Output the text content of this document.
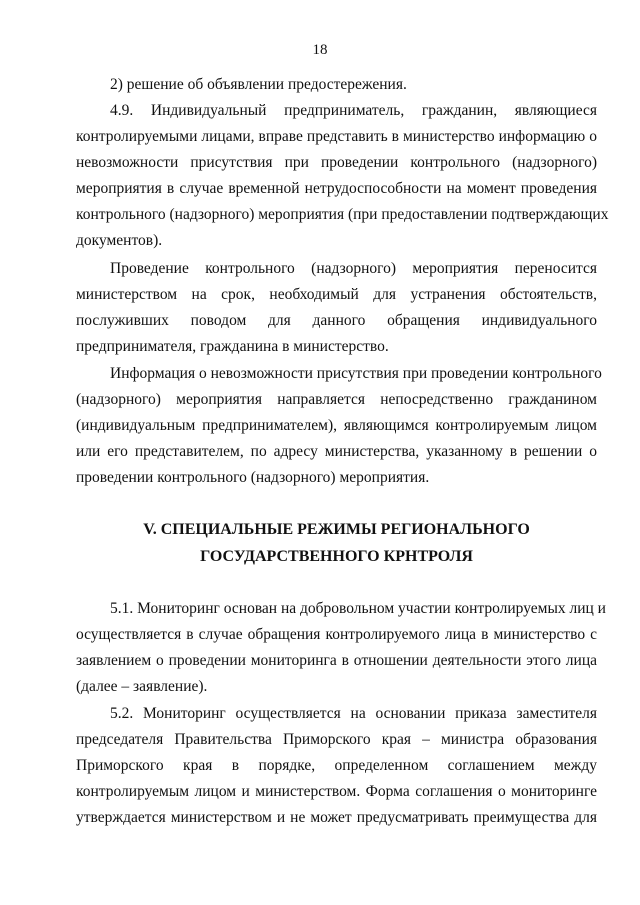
18
2) решение об объявлении предостережения.
4.9. Индивидуальный предприниматель, гражданин, являющиеся
контролируемыми лицами, вправе представить в министерство информацию о
невозможности присутствия при проведении контрольного (надзорного)
мероприятия в случае временной нетрудоспособности на момент проведения
контрольного (надзорного) мероприятия (при предоставлении подтверждающих
документов).
Проведение контрольного (надзорного) мероприятия переносится
министерством на срок, необходимый для устранения обстоятельств,
послуживших поводом для данного обращения индивидуального
предпринимателя, гражданина в министерство.
Информация о невозможности присутствия при проведении контрольного
(надзорного) мероприятия направляется непосредственно гражданином
(индивидуальным предпринимателем), являющимся контролируемым лицом
или его представителем, по адресу министерства, указанному в решении о
проведении контрольного (надзорного) мероприятия.
V. СПЕЦИАЛЬНЫЕ РЕЖИМЫ РЕГИОНАЛЬНОГО
ГОСУДАРСТВЕННОГО КРНТРОЛЯ
5.1. Мониторинг основан на добровольном участии контролируемых лиц и
осуществляется в случае обращения контролируемого лица в министерство с
заявлением о проведении мониторинга в отношении деятельности этого лица
(далее – заявление).
5.2. Мониторинг осуществляется на основании приказа заместителя
председателя Правительства Приморского края – министра образования
Приморского края в порядке, определенном соглашением между
контролируемым лицом и министерством. Форма соглашения о мониторинге
утверждается министерством и не может предусматривать преимущества для
